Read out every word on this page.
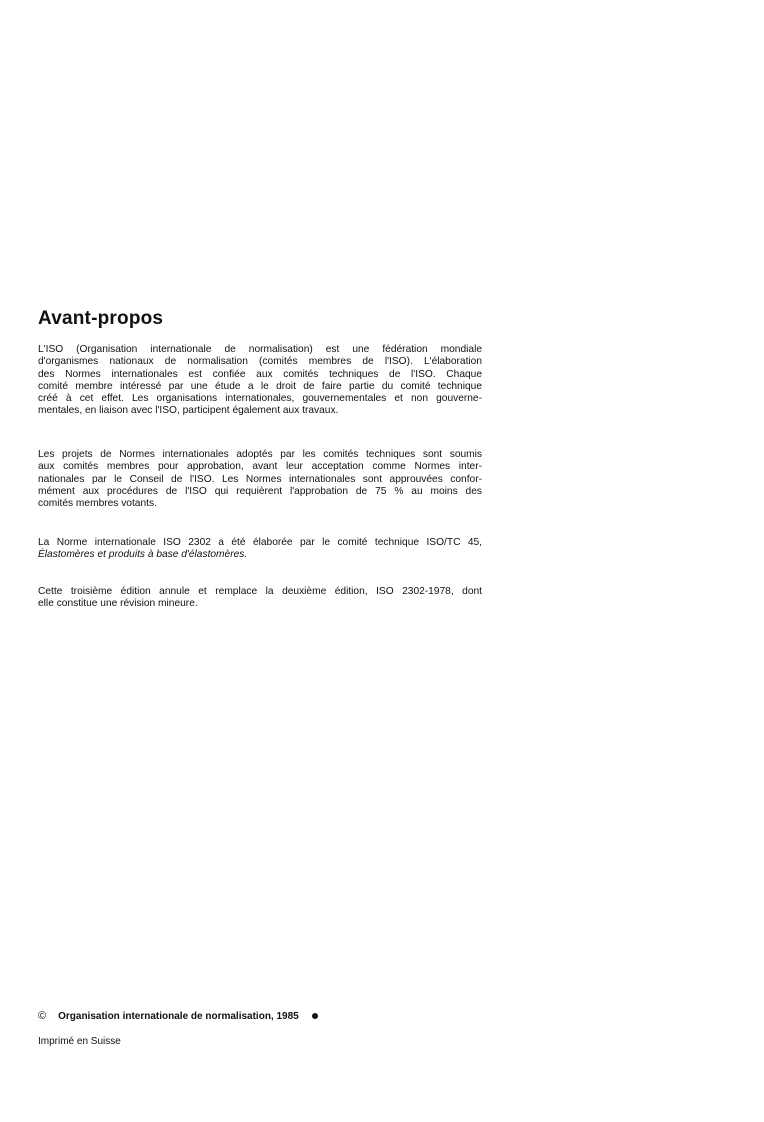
Avant-propos
L'ISO (Organisation internationale de normalisation) est une fédération mondiale
d'organismes nationaux de normalisation (comités membres de l'ISO). L'élaboration
des Normes internationales est confiée aux comités techniques de l'ISO. Chaque
comité membre intéressé par une étude a le droit de faire partie du comité technique
créé à cet effet. Les organisations internationales, gouvernementales et non gouverne-
mentales, en liaison avec l'ISO, participent également aux travaux.
Les projets de Normes internationales adoptés par les comités techniques sont soumis
aux comités membres pour approbation, avant leur acceptation comme Normes inter-
nationales par le Conseil de l'ISO. Les Normes internationales sont approuvées confor-
mément aux procédures de l'ISO qui requièrent l'approbation de 75 % au moins des
comités membres votants.
La Norme internationale ISO 2302 a été élaborée par le comité technique ISO/TC 45,
Élastomères et produits à base d'élastomères.
Cette troisième édition annule et remplace la deuxième édition, ISO 2302-1978, dont
elle constitue une révision mineure.
© Organisation internationale de normalisation, 1985
Imprimé en Suisse
